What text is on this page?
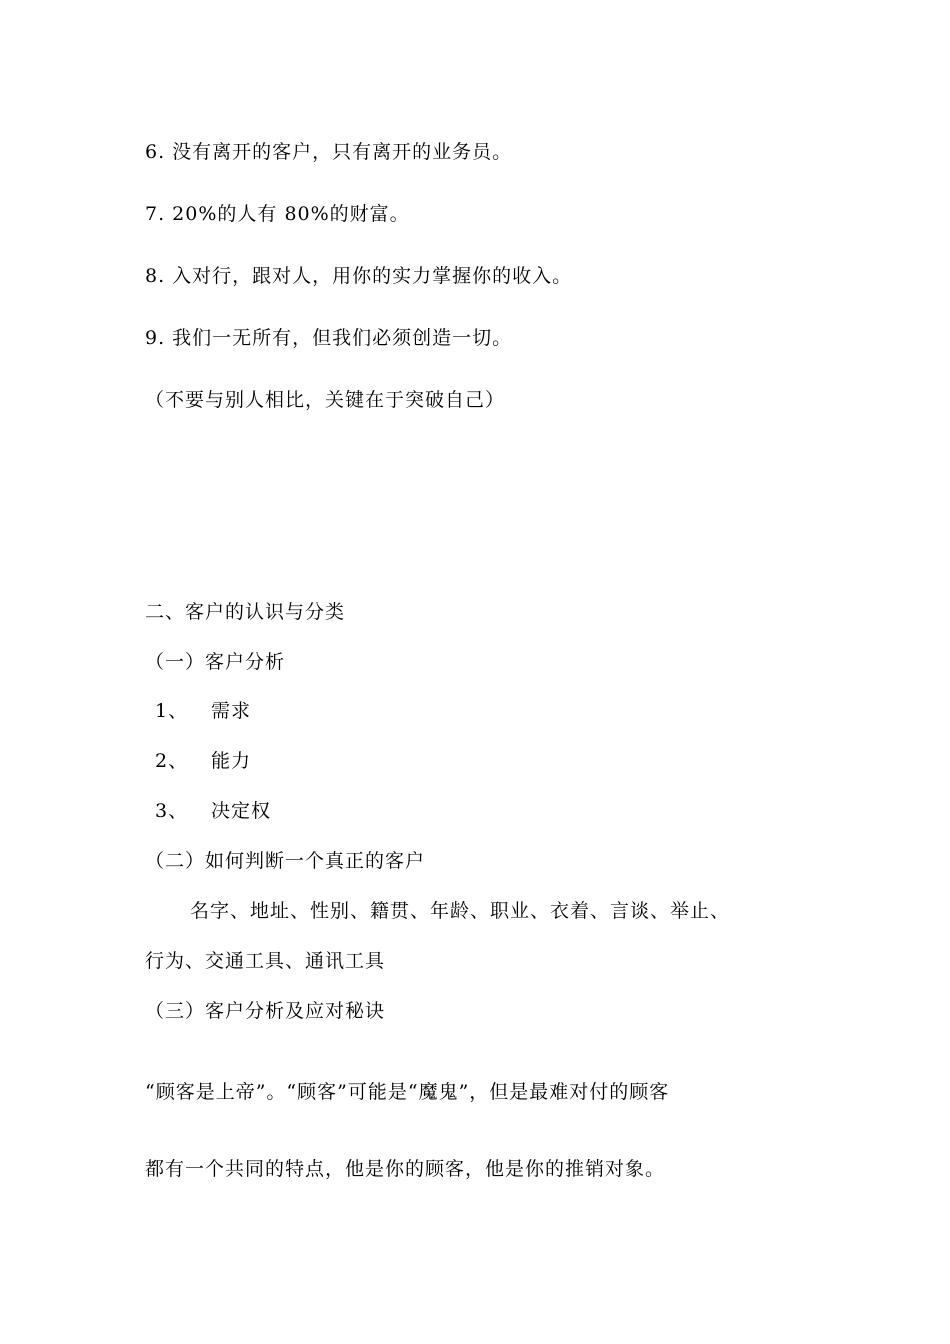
6. 没有离开的客户，只有离开的业务员。
7. 20%的人有 80%的财富。
8. 入对行，跟对人，用你的实力掌握你的收入。
9. 我们一无所有，但我们必须创造一切。
（不要与别人相比，关键在于突破自己）
二、客户的认识与分类
（一）客户分析
1、 需求
2、 能力
3、 决定权
（二）如何判断一个真正的客户
名字、地址、性别、籍贯、年龄、职业、衣着、言谈、举止、
行为、交通工具、通讯工具
（三）客户分析及应对秘诀
“顾客是上帝”。“顾客”可能是“魔鬼”，但是最难对付的顾客
都有一个共同的特点，他是你的顾客，他是你的推销对象。
